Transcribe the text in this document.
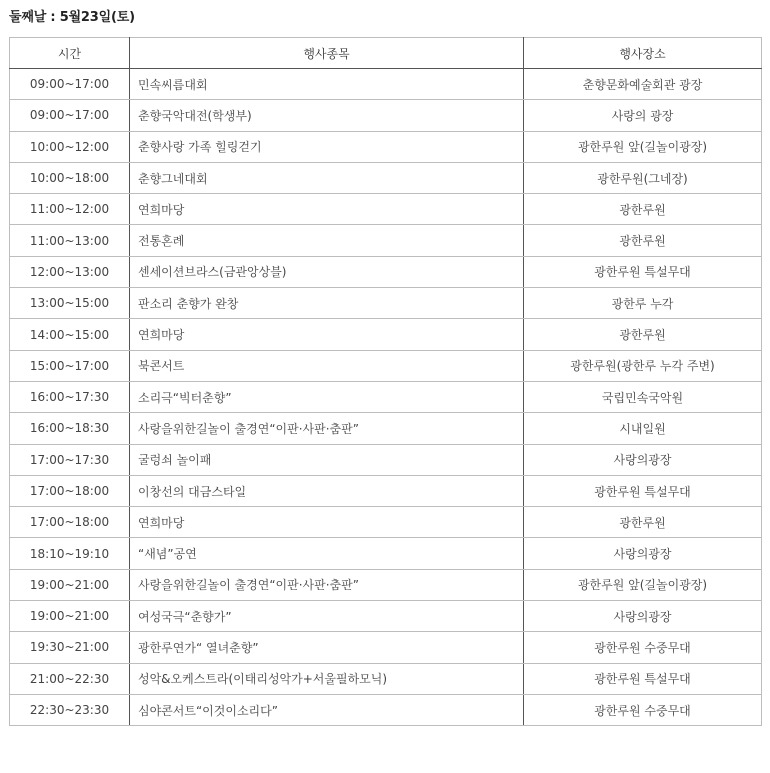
둘째날 : 5월23일(토)
시간	행사종목	행사장소
09:00~17:00	민속씨름대회	춘향문화예술회관 광장
09:00~17:00	춘향국악대전(학생부)	사랑의 광장
10:00~12:00	춘향사랑 가족 힐링걷기	광한루원 앞(길놀이광장)
10:00~18:00	춘향그네대회	광한루원(그네장)
11:00~12:00	연희마당	광한루원
11:00~13:00	전통혼례	광한루원
12:00~13:00	센세이션브라스(금관앙상블)	광한루원 특설무대
13:00~15:00	판소리 춘향가 완창	광한루 누각
14:00~15:00	연희마당	광한루원
15:00~17:00	북콘서트	광한루원(광한루 누각 주변)
16:00~17:30	소리극“빅터춘향”	국립민속국악원
16:00~18:30	사랑을위한길놀이 출경연“이판·사판·춤판”	시내일원
17:00~17:30	굴렁쇠 놀이패	사랑의광장
17:00~18:00	이창선의 대금스타일	광한루원 특설무대
17:00~18:00	연희마당	광한루원
18:10~19:10	“새념”공연	사랑의광장
19:00~21:00	사랑을위한길놀이 출경연“이판·사판·춤판”	광한루원 앞(길놀이광장)
19:00~21:00	여성국극“춘향가”	사랑의광장
19:30~21:00	광한루연가“ 열녀춘향”	광한루원 수중무대
21:00~22:30	성악&오케스트라(이태리성악가+서울필하모닉)	광한루원 특설무대
22:30~23:30	심야콘서트“이것이소리다”	광한루원 수중무대
